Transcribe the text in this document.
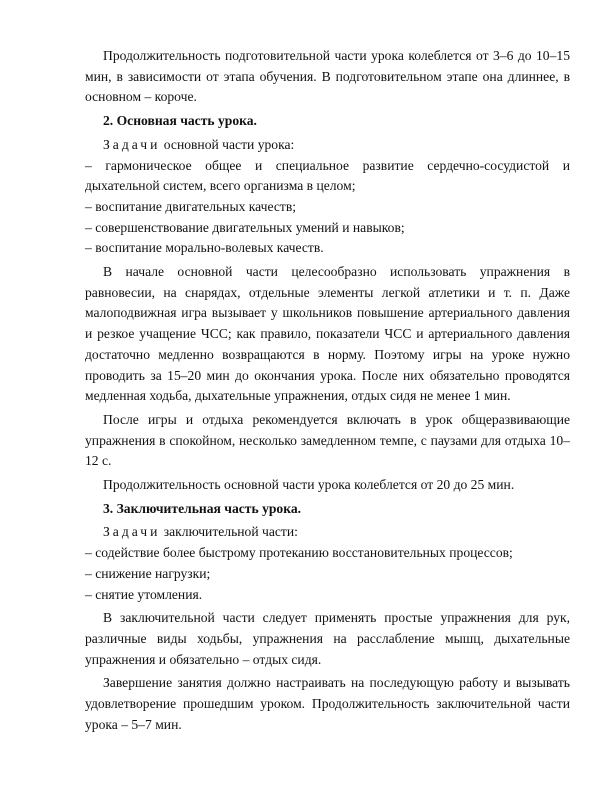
Продолжительность подготовительной части урока колеблется от 3–6 до 10–15 мин, в зависимости от этапа обучения. В подготовительном этапе она длиннее, в основном – короче.

2. Основная часть урока.
Задачи основной части урока:

– гармоническое общее и специальное развитие сердечно-сосудистой и дыхательной систем, всего организма в целом;

– воспитание двигательных качеств;

– совершенствование двигательных умений и навыков;

– воспитание морально-волевых качеств.

В начале основной части целесообразно использовать упражнения в равновесии, на снарядах, отдельные элементы легкой атлетики и т. п. Даже малоподвижная игра вызывает у школьников повышение артериального давления и резкое учащение ЧСС; как правило, показатели ЧСС и артериального давления достаточно медленно возвращаются в норму. Поэтому игры на уроке нужно проводить за 15–20 мин до окончания урока. После них обязательно проводятся медленная ходьба, дыхательные упражнения, отдых сидя не менее 1 мин.

После игры и отдыха рекомендуется включать в урок общеразвивающие упражнения в спокойном, несколько замедленном темпе, с паузами для отдыха 10–12 с.

Продолжительность основной части урока колеблется от 20 до 25 мин.

3. Заключительная часть урока.
Задачи заключительной части:

– содействие более быстрому протеканию восстановительных процессов;

– снижение нагрузки;

– снятие утомления.

В заключительной части следует применять простые упражнения для рук, различные виды ходьбы, упражнения на расслабление мышц, дыхательные упражнения и обязательно – отдых сидя.

Завершение занятия должно настраивать на последующую работу и вызывать удовлетворение прошедшим уроком. Продолжительность заключительной части урока – 5–7 мин.
